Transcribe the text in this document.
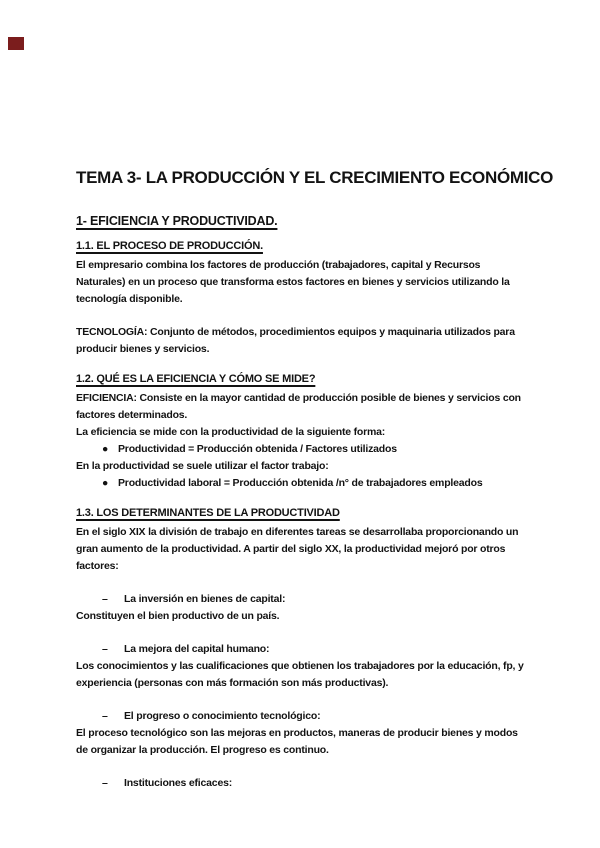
TEMA 3- LA PRODUCCIÓN Y EL CRECIMIENTO ECONÓMICO
1- EFICIENCIA Y PRODUCTIVIDAD.
1.1. EL PROCESO DE PRODUCCIÓN.

El empresario combina los factores de producción (trabajadores, capital y Recursos Naturales) en un proceso que transforma estos factores en bienes y servicios utilizando la tecnología disponible.

TECNOLOGÍA: Conjunto de métodos, procedimientos equipos y maquinaria utilizados para producir bienes y servicios.

1.2. QUÉ ES LA EFICIENCIA Y CÓMO SE MIDE?

EFICIENCIA: Consiste en la mayor cantidad de producción posible de bienes y servicios con factores determinados.

La eficiencia se mide con la productividad de la siguiente forma:

● Productividad = Producción obtenida / Factores utilizados

En la productividad se suele utilizar el factor trabajo:

● Productividad laboral = Producción obtenida /n° de trabajadores empleados
1.3. LOS DETERMINANTES DE LA PRODUCTIVIDAD

En el siglo XIX la división de trabajo en diferentes tareas se desarrollaba proporcionando un gran aumento de la productividad. A partir del siglo XX, la productividad mejoró por otros factores:

–	La inversión en bienes de capital:

Constituyen el bien productivo de un país.

–	La mejora del capital humano:

Los conocimientos y las cualificaciones que obtienen los trabajadores por la educación, fp, y experiencia (personas con más formación son más productivas).

–	El progreso o conocimiento tecnológico:

El proceso tecnológico son las mejoras en productos, maneras de producir bienes y modos de organizar la producción. El progreso es continuo.

–	Instituciones eficaces:
